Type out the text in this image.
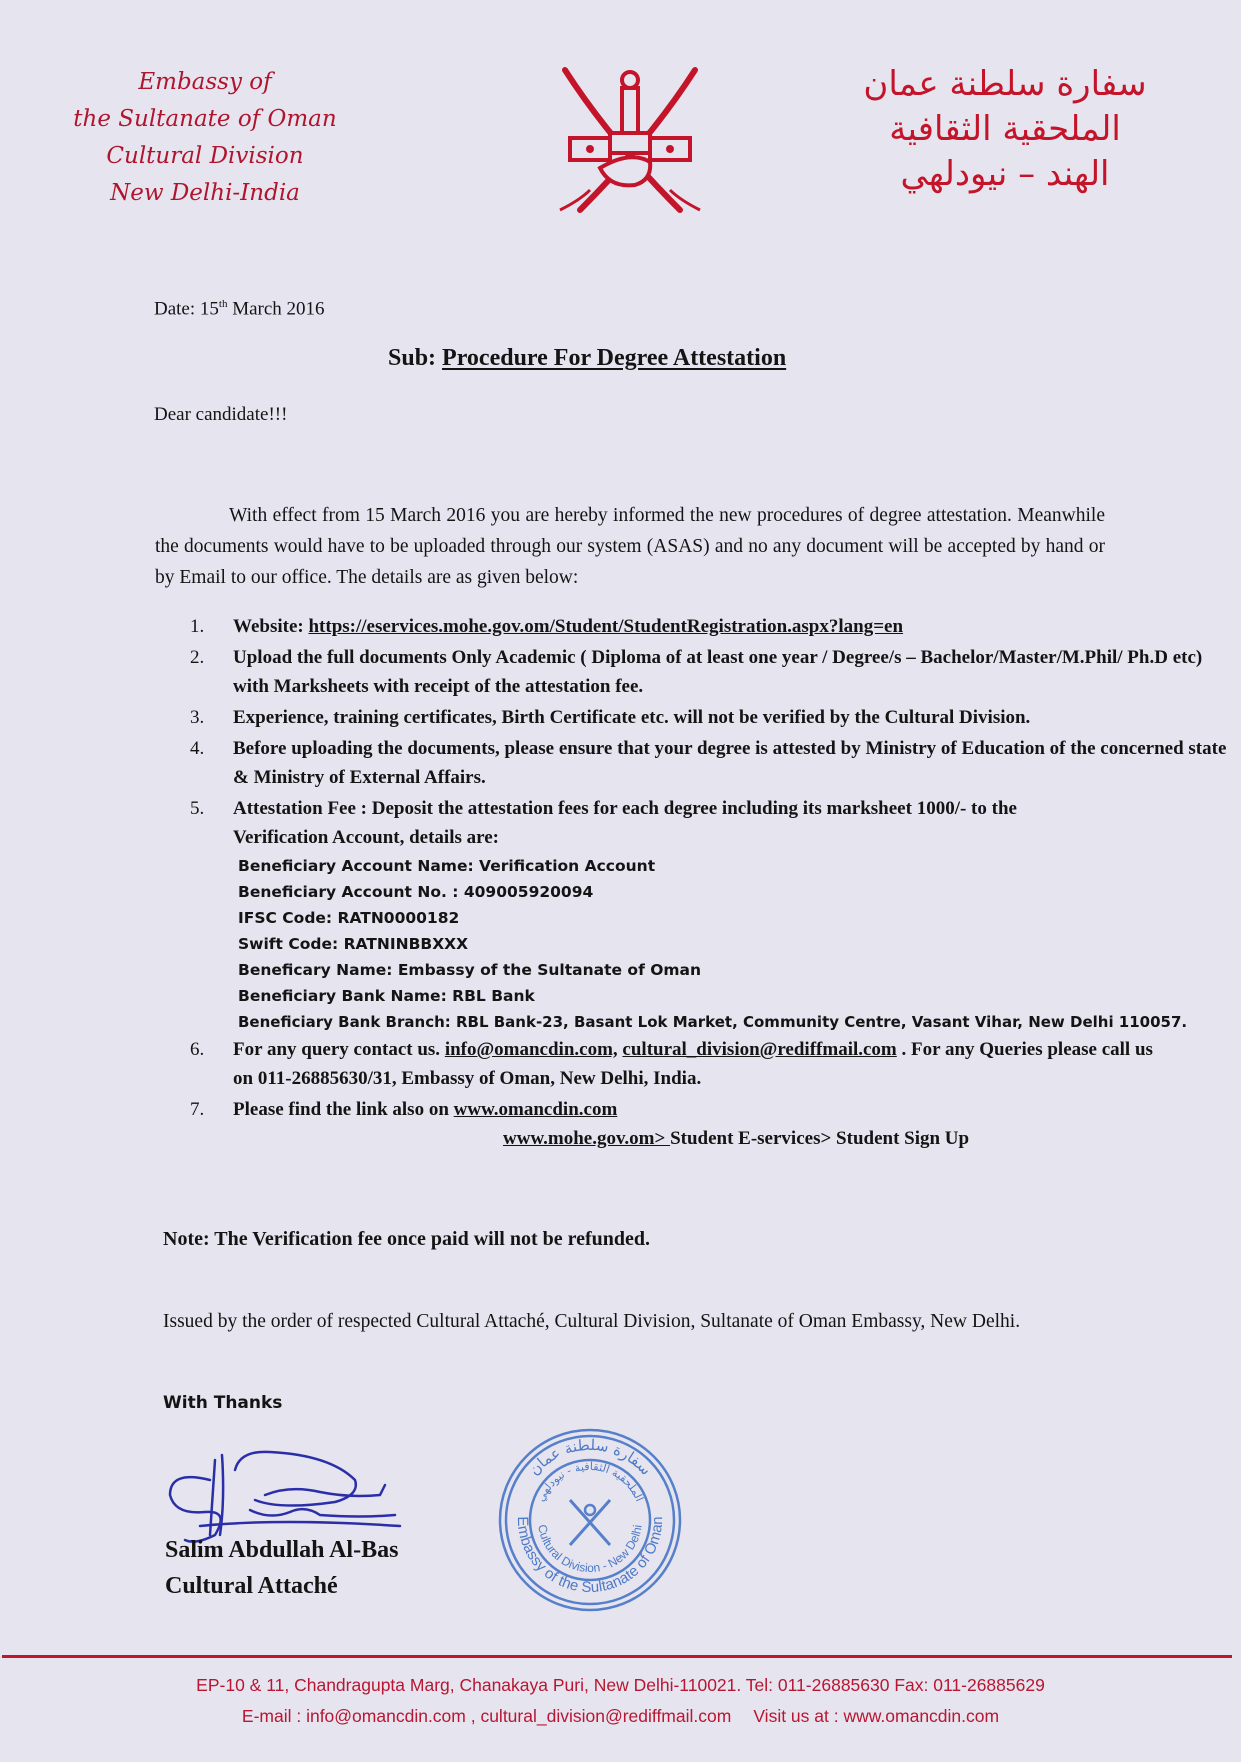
Embassy of
the Sultanate of Oman
Cultural Division
New Delhi-India
سفارة سلطنة عمان
الملحقية الثقافية
الهند – نيودلهي
Date: 15th March 2016
Sub: Procedure For Degree Attestation
Dear candidate!!!
With effect from 15 March 2016 you are hereby informed the new procedures of degree attestation. Meanwhile the documents would have to be uploaded through our system (ASAS) and no any document will be accepted by hand or by Email to our office. The details are as given below:
1. Website: https://eservices.mohe.gov.om/Student/StudentRegistration.aspx?lang=en
2. Upload the full documents Only Academic ( Diploma of at least one year / Degree/s – Bachelor/Master/M.Phil/ Ph.D etc) with Marksheets with receipt of the attestation fee.
3. Experience, training certificates, Birth Certificate etc. will not be verified by the Cultural Division.
4. Before uploading the documents, please ensure that your degree is attested by Ministry of Education of the concerned state & Ministry of External Affairs.
5. Attestation Fee : Deposit the attestation fees for each degree including its marksheet 1000/- to the Verification Account, details are:
Beneficiary Account Name: Verification Account
Beneficiary Account No. : 409005920094
IFSC Code: RATN0000182
Swift Code: RATNINBBXXX
Beneficary Name: Embassy of the Sultanate of Oman
Beneficiary Bank Name: RBL Bank
Beneficiary Bank Branch: RBL Bank-23, Basant Lok Market, Community Centre, Vasant Vihar, New Delhi 110057.
6. For any query contact us. info@omancdin.com, cultural_division@rediffmail.com . For any Queries please call us on 011-26885630/31, Embassy of Oman, New Delhi, India.
7. Please find the link also on www.omancdin.com
www.mohe.gov.om> Student E-services> Student Sign Up
Note: The Verification fee once paid will not be refunded.
Issued by the order of respected Cultural Attaché, Cultural Division, Sultanate of Oman Embassy, New Delhi.
With Thanks
Salim Abdullah Al-Bas
Cultural Attaché
Embassy of the Sultanate of Oman
Cultural Division - New Delhi
سفارة سلطنة عمان
الملحقية الثقافية - نيودلهي
EP-10 & 11, Chandragupta Marg, Chanakaya Puri, New Delhi-110021. Tel: 011-26885630 Fax: 011-26885629
E-mail : info@omancdin.com , cultural_division@rediffmail.com Visit us at : www.omancdin.com
